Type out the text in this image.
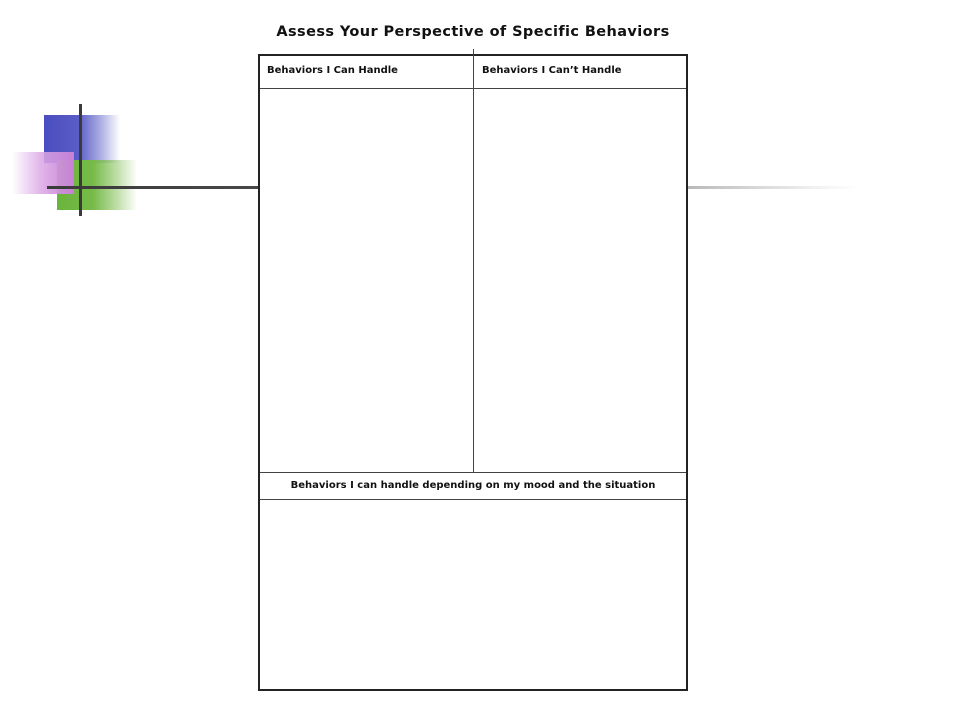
Assess Your Perspective of Specific Behaviors
Behaviors I Can Handle	Behaviors I Can’t Handle
Behaviors I can handle depending on my mood and the situation
